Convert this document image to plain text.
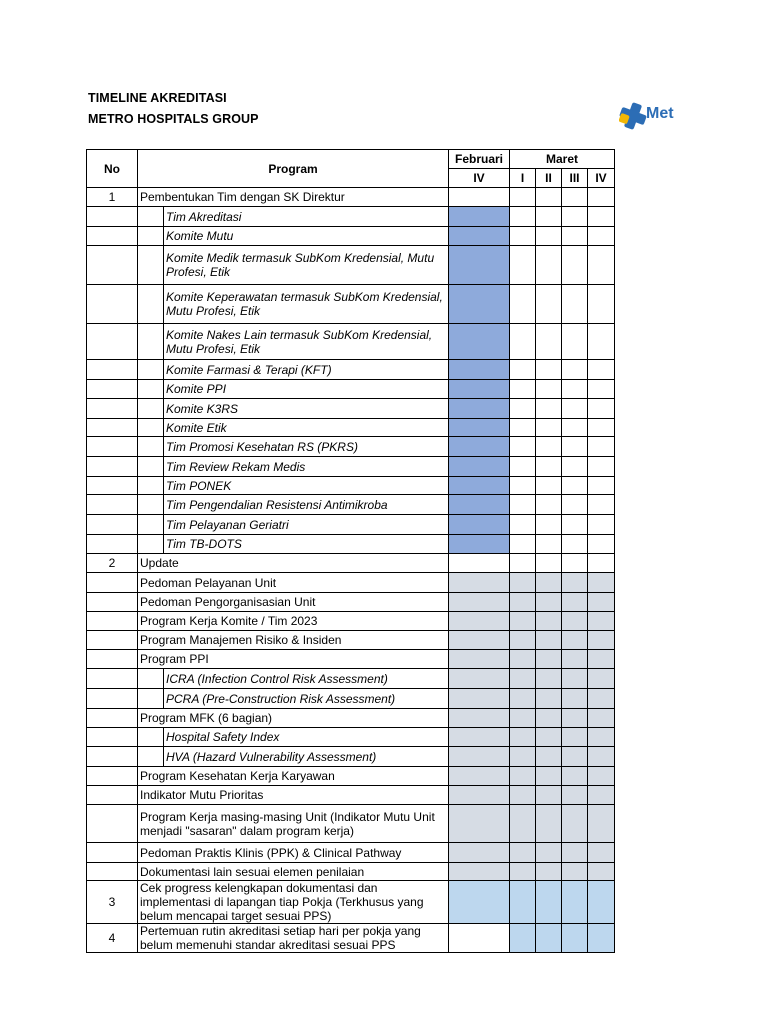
TIMELINE AKREDITASI
METRO HOSPITALS GROUP	Met
No	Program		Februari	Maret			
			IV	I	II	III	IV
1	Pembentukan Tim dengan SK Direktur						
		Tim Akreditasi					
		Komite Mutu					
		Komite Medik termasuk SubKom Kredensial, Mutu Profesi, Etik					
		Komite Keperawatan termasuk SubKom Kredensial, Mutu Profesi, Etik					
		Komite Nakes Lain termasuk SubKom Kredensial, Mutu Profesi, Etik					
		Komite Farmasi & Terapi (KFT)					
		Komite PPI					
		Komite K3RS					
		Komite Etik					
		Tim Promosi Kesehatan RS (PKRS)					
		Tim Review Rekam Medis					
		Tim PONEK					
		Tim Pengendalian Resistensi Antimikroba					
		Tim Pelayanan Geriatri					
		Tim TB-DOTS					
2	Update						
	Pedoman Pelayanan Unit						
	Pedoman Pengorganisasian Unit						
	Program Kerja Komite / Tim 2023						
	Program Manajemen Risiko & Insiden						
	Program PPI						
		ICRA (Infection Control Risk Assessment)					
		PCRA (Pre-Construction Risk Assessment)					
	Program MFK (6 bagian)						
		Hospital Safety Index					
		HVA (Hazard Vulnerability Assessment)					
	Program Kesehatan Kerja Karyawan						
	Indikator Mutu Prioritas						
	Program Kerja masing-masing Unit (Indikator Mutu Unit menjadi "sasaran" dalam program kerja)						
	Pedoman Praktis Klinis (PPK) & Clinical Pathway						
	Dokumentasi lain sesuai elemen penilaian						
3	Cek progress kelengkapan dokumentasi dan implementasi di lapangan tiap Pokja (Terkhusus yang belum mencapai target sesuai PPS)						
4	Pertemuan rutin akreditasi setiap hari per pokja yang belum memenuhi standar akreditasi sesuai PPS						
